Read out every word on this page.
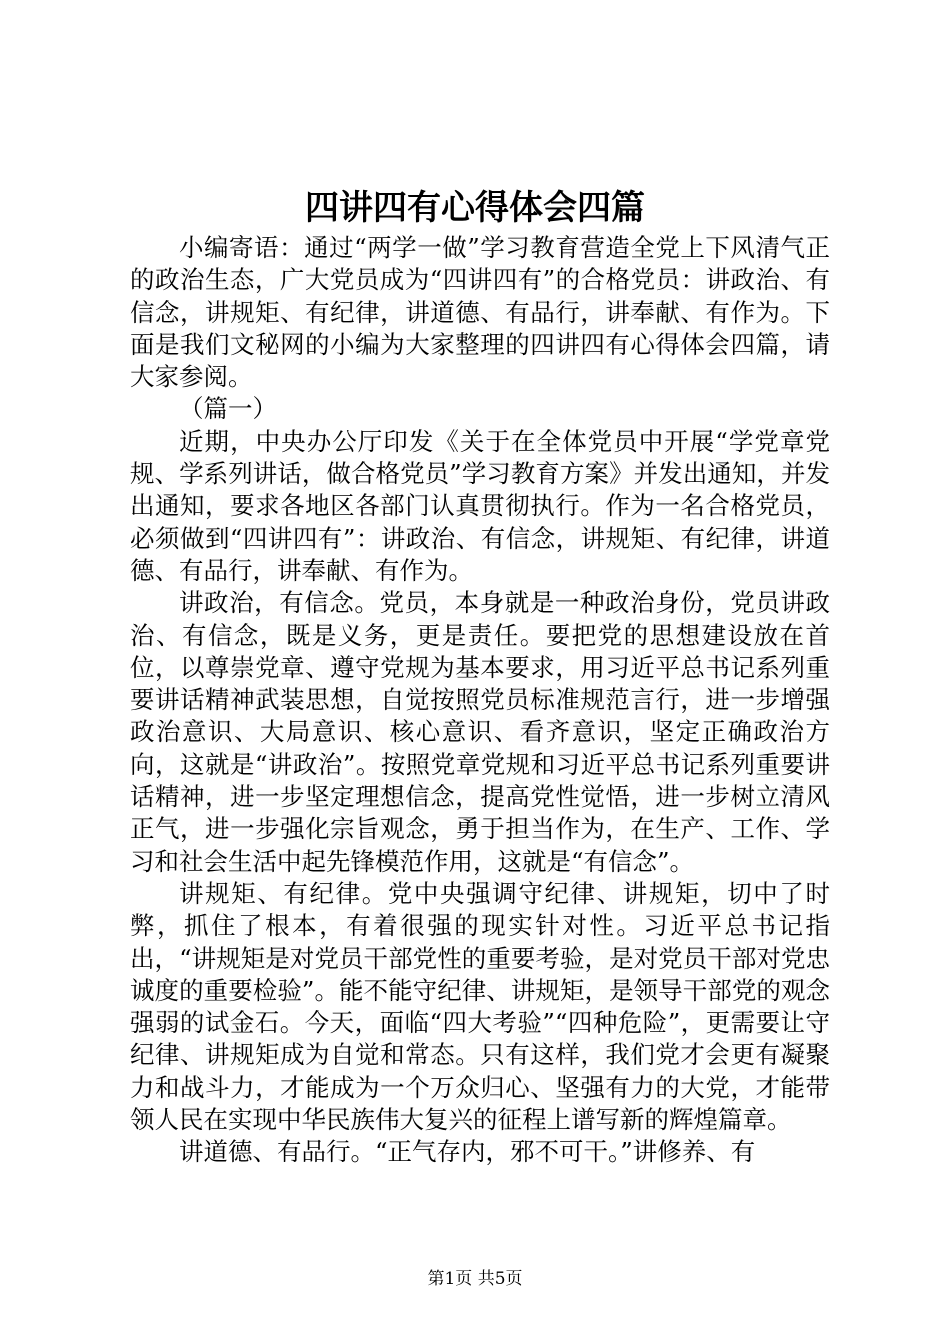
四讲四有心得体会四篇

小编寄语：通过“两学一做”学习教育营造全党上下风清气正的政治生态，广大党员成为“四讲四有”的合格党员：讲政治、有信念，讲规矩、有纪律，讲道德、有品行，讲奉献、有作为。下面是我们文秘网的小编为大家整理的四讲四有心得体会四篇，请大家参阅。

（篇一）

近期，中央办公厅印发《关于在全体党员中开展“学党章党规、学系列讲话，做合格党员”学习教育方案》并发出通知，并发出通知，要求各地区各部门认真贯彻执行。作为一名合格党员，必须做到“四讲四有”：讲政治、有信念，讲规矩、有纪律，讲道德、有品行，讲奉献、有作为。

讲政治，有信念。党员，本身就是一种政治身份，党员讲政治、有信念，既是义务，更是责任。要把党的思想建设放在首位，以尊崇党章、遵守党规为基本要求，用习近平总书记系列重要讲话精神武装思想，自觉按照党员标准规范言行，进一步增强政治意识、大局意识、核心意识、看齐意识，坚定正确政治方向，这就是“讲政治”。按照党章党规和习近平总书记系列重要讲话精神，进一步坚定理想信念，提高党性觉悟，进一步树立清风正气，进一步强化宗旨观念，勇于担当作为，在生产、工作、学习和社会生活中起先锋模范作用，这就是“有信念”。

讲规矩、有纪律。党中央强调守纪律、讲规矩，切中了时弊，抓住了根本，有着很强的现实针对性。习近平总书记指出，“讲规矩是对党员干部党性的重要考验，是对党员干部对党忠诚度的重要检验”。能不能守纪律、讲规矩，是领导干部党的观念强弱的试金石。今天，面临“四大考验”“四种危险”，更需要让守纪律、讲规矩成为自觉和常态。只有这样，我们党才会更有凝聚力和战斗力，才能成为一个万众归心、坚强有力的大党，才能带领人民在实现中华民族伟大复兴的征程上谱写新的辉煌篇章。

讲道德、有品行。“正气存内，邪不可干。”讲修养、有

第1页 共5页
